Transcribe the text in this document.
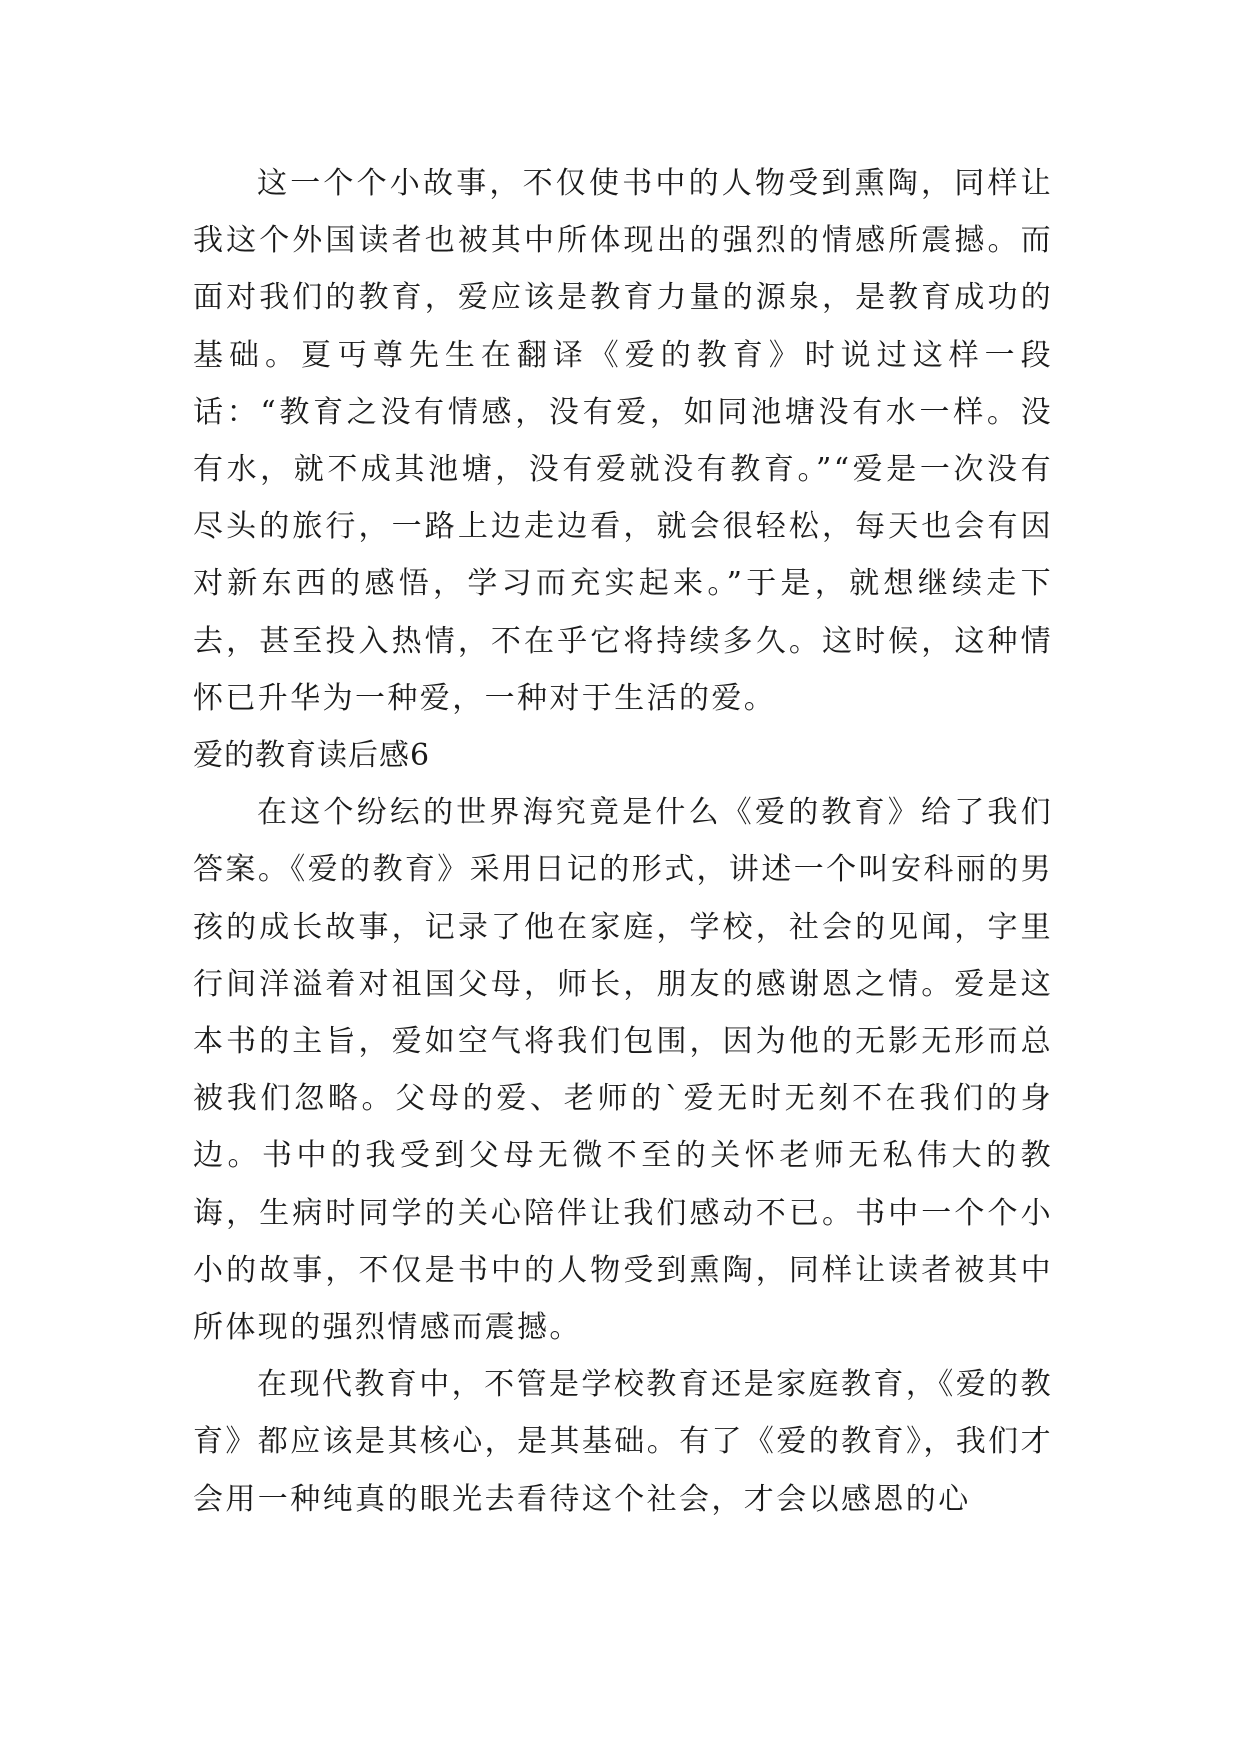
这一个个小故事，不仅使书中的人物受到熏陶，同样让我这个外国读者也被其中所体现出的强烈的情感所震撼。而面对我们的教育，爱应该是教育力量的源泉，是教育成功的基础。夏丏尊先生在翻译《爱的教育》时说过这样一段话：“教育之没有情感，没有爱，如同池塘没有水一样。没有水，就不成其池塘，没有爱就没有教育。”“爱是一次没有尽头的旅行，一路上边走边看，就会很轻松，每天也会有因对新东西的感悟，学习而充实起来。”于是，就想继续走下去，甚至投入热情，不在乎它将持续多久。这时候，这种情怀已升华为一种爱，一种对于生活的爱。

爱的教育读后感6

在这个纷纭的世界海究竟是什么《爱的教育》给了我们答案。《爱的教育》采用日记的形式，讲述一个叫安科丽的男孩的成长故事，记录了他在家庭，学校，社会的见闻，字里行间洋溢着对祖国父母，师长，朋友的感谢恩之情。爱是这本书的主旨，爱如空气将我们包围，因为他的无影无形而总被我们忽略。父母的爱、老师的`爱无时无刻不在我们的身边。书中的我受到父母无微不至的关怀老师无私伟大的教诲，生病时同学的关心陪伴让我们感动不已。书中一个个小小的故事，不仅是书中的人物受到熏陶，同样让读者被其中所体现的强烈情感而震撼。

在现代教育中，不管是学校教育还是家庭教育，《爱的教育》都应该是其核心，是其基础。有了《爱的教育》，我们才会用一种纯真的眼光去看待这个社会，才会以感恩的心
